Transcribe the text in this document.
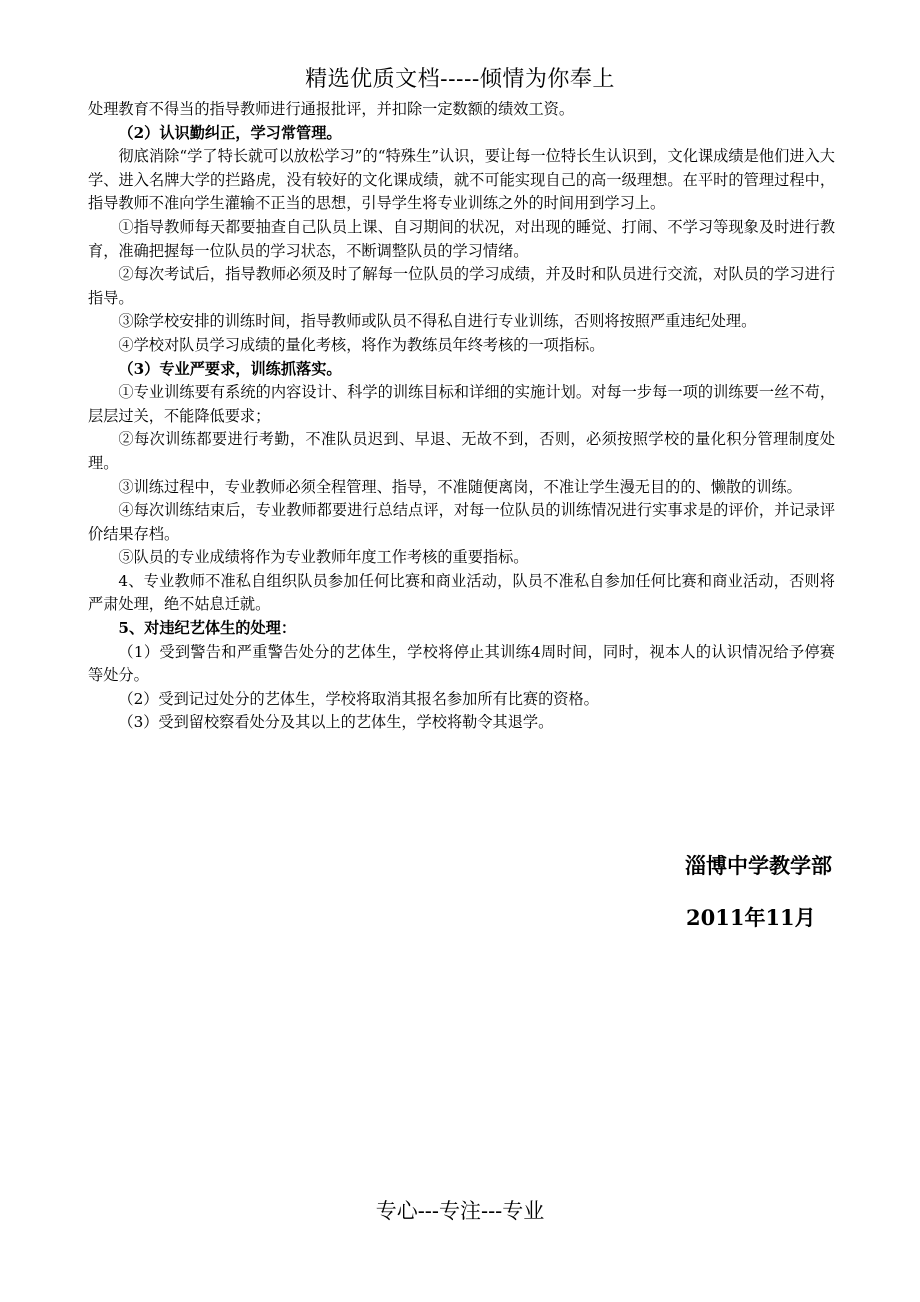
精选优质文档-----倾情为你奉上

处理教育不得当的指导教师进行通报批评，并扣除一定数额的绩效工资。

（2）认识勤纠正，学习常管理。

彻底消除“学了特长就可以放松学习”的“特殊生”认识，要让每一位特长生认识到，文化课成绩是他们进入大学、进入名牌大学的拦路虎，没有较好的文化课成绩，就不可能实现自己的高一级理想。在平时的管理过程中，指导教师不准向学生灌输不正当的思想，引导学生将专业训练之外的时间用到学习上。

①指导教师每天都要抽查自己队员上课、自习期间的状况，对出现的睡觉、打闹、不学习等现象及时进行教育，准确把握每一位队员的学习状态，不断调整队员的学习情绪。

②每次考试后，指导教师必须及时了解每一位队员的学习成绩，并及时和队员进行交流，对队员的学习进行指导。

③除学校安排的训练时间，指导教师或队员不得私自进行专业训练，否则将按照严重违纪处理。

④学校对队员学习成绩的量化考核，将作为教练员年终考核的一项指标。

（3）专业严要求，训练抓落实。

①专业训练要有系统的内容设计、科学的训练目标和详细的实施计划。对每一步每一项的训练要一丝不苟，层层过关，不能降低要求；

②每次训练都要进行考勤，不准队员迟到、早退、无故不到，否则，必须按照学校的量化积分管理制度处理。

③训练过程中，专业教师必须全程管理、指导，不准随便离岗，不准让学生漫无目的的、懒散的训练。

④每次训练结束后，专业教师都要进行总结点评，对每一位队员的训练情况进行实事求是的评价，并记录评价结果存档。

⑤队员的专业成绩将作为专业教师年度工作考核的重要指标。

4、专业教师不准私自组织队员参加任何比赛和商业活动，队员不准私自参加任何比赛和商业活动，否则将严肃处理，绝不姑息迁就。

5、对违纪艺体生的处理：

（1）受到警告和严重警告处分的艺体生，学校将停止其训练4周时间，同时，视本人的认识情况给予停赛等处分。

（2）受到记过处分的艺体生，学校将取消其报名参加所有比赛的资格。

（3）受到留校察看处分及其以上的艺体生，学校将勒令其退学。

淄博中学教学部
2011年11月
专心---专注---专业
